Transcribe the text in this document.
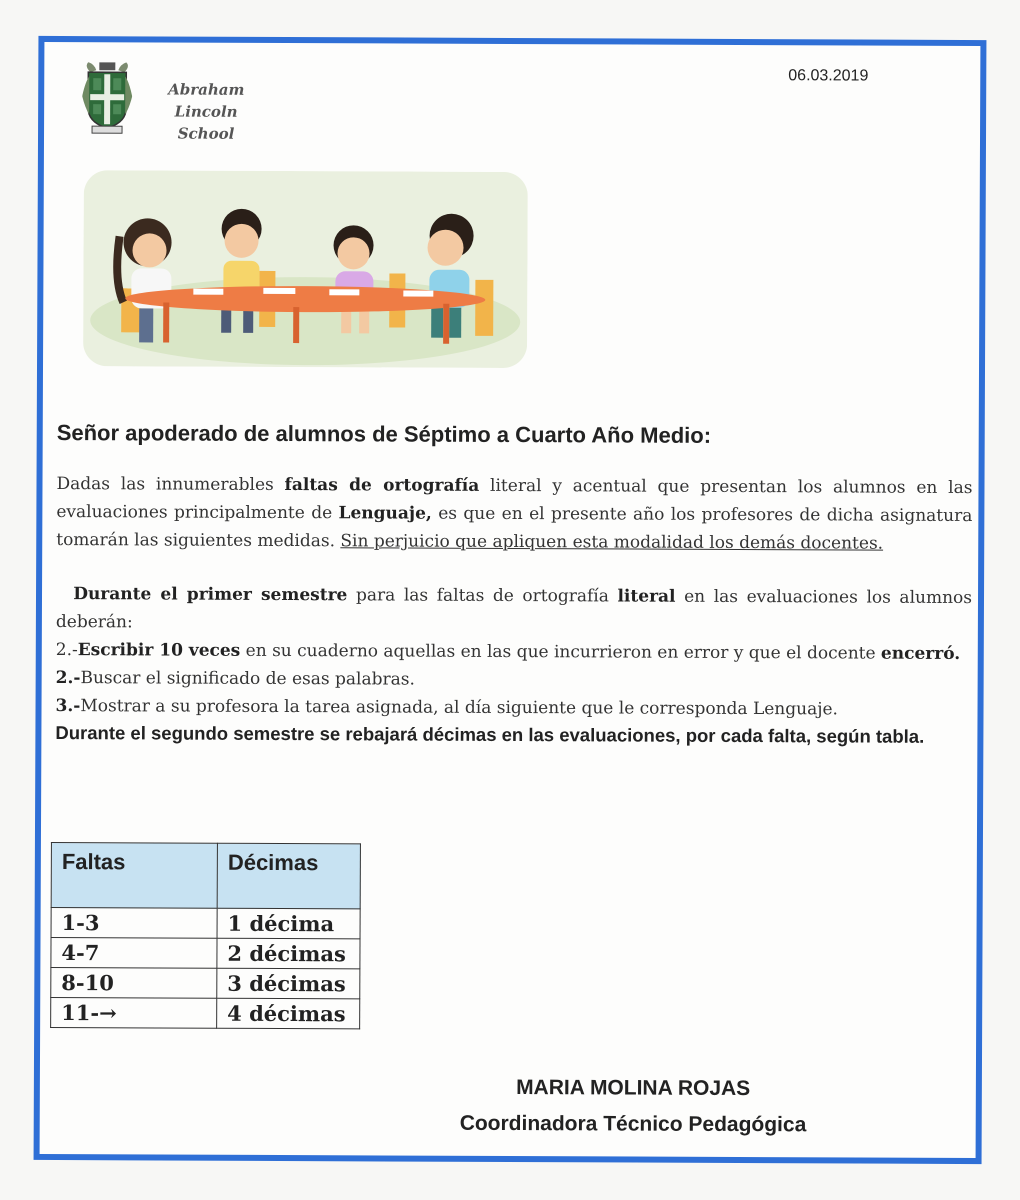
Abraham Lincoln
School
06.03.2019
Señor apoderado de alumnos de Séptimo a Cuarto Año Medio:

Dadas las innumerables faltas de ortografía literal y acentual que presentan los alumnos en las evaluaciones principalmente de Lenguaje, es que en el presente año los profesores de dicha asignatura tomarán las siguientes medidas. Sin perjuicio que apliquen esta modalidad los demás docentes.

Durante el primer semestre para las faltas de ortografía literal en las evaluaciones los alumnos deberán:

2.-Escribir 10 veces en su cuaderno aquellas en las que incurrieron en error y que el docente encerró.

2.-Buscar el significado de esas palabras.

3.-Mostrar a su profesora la tarea asignada, al día siguiente que le corresponda Lenguaje.

Durante el segundo semestre se rebajará décimas en las evaluaciones, por cada falta, según tabla.

Faltas	Décimas
1-3	1 décima
4-7	2 décimas
8-10	3 décimas
11-→	4 décimas
MARIA MOLINA ROJAS
Coordinadora Técnico Pedagógica
